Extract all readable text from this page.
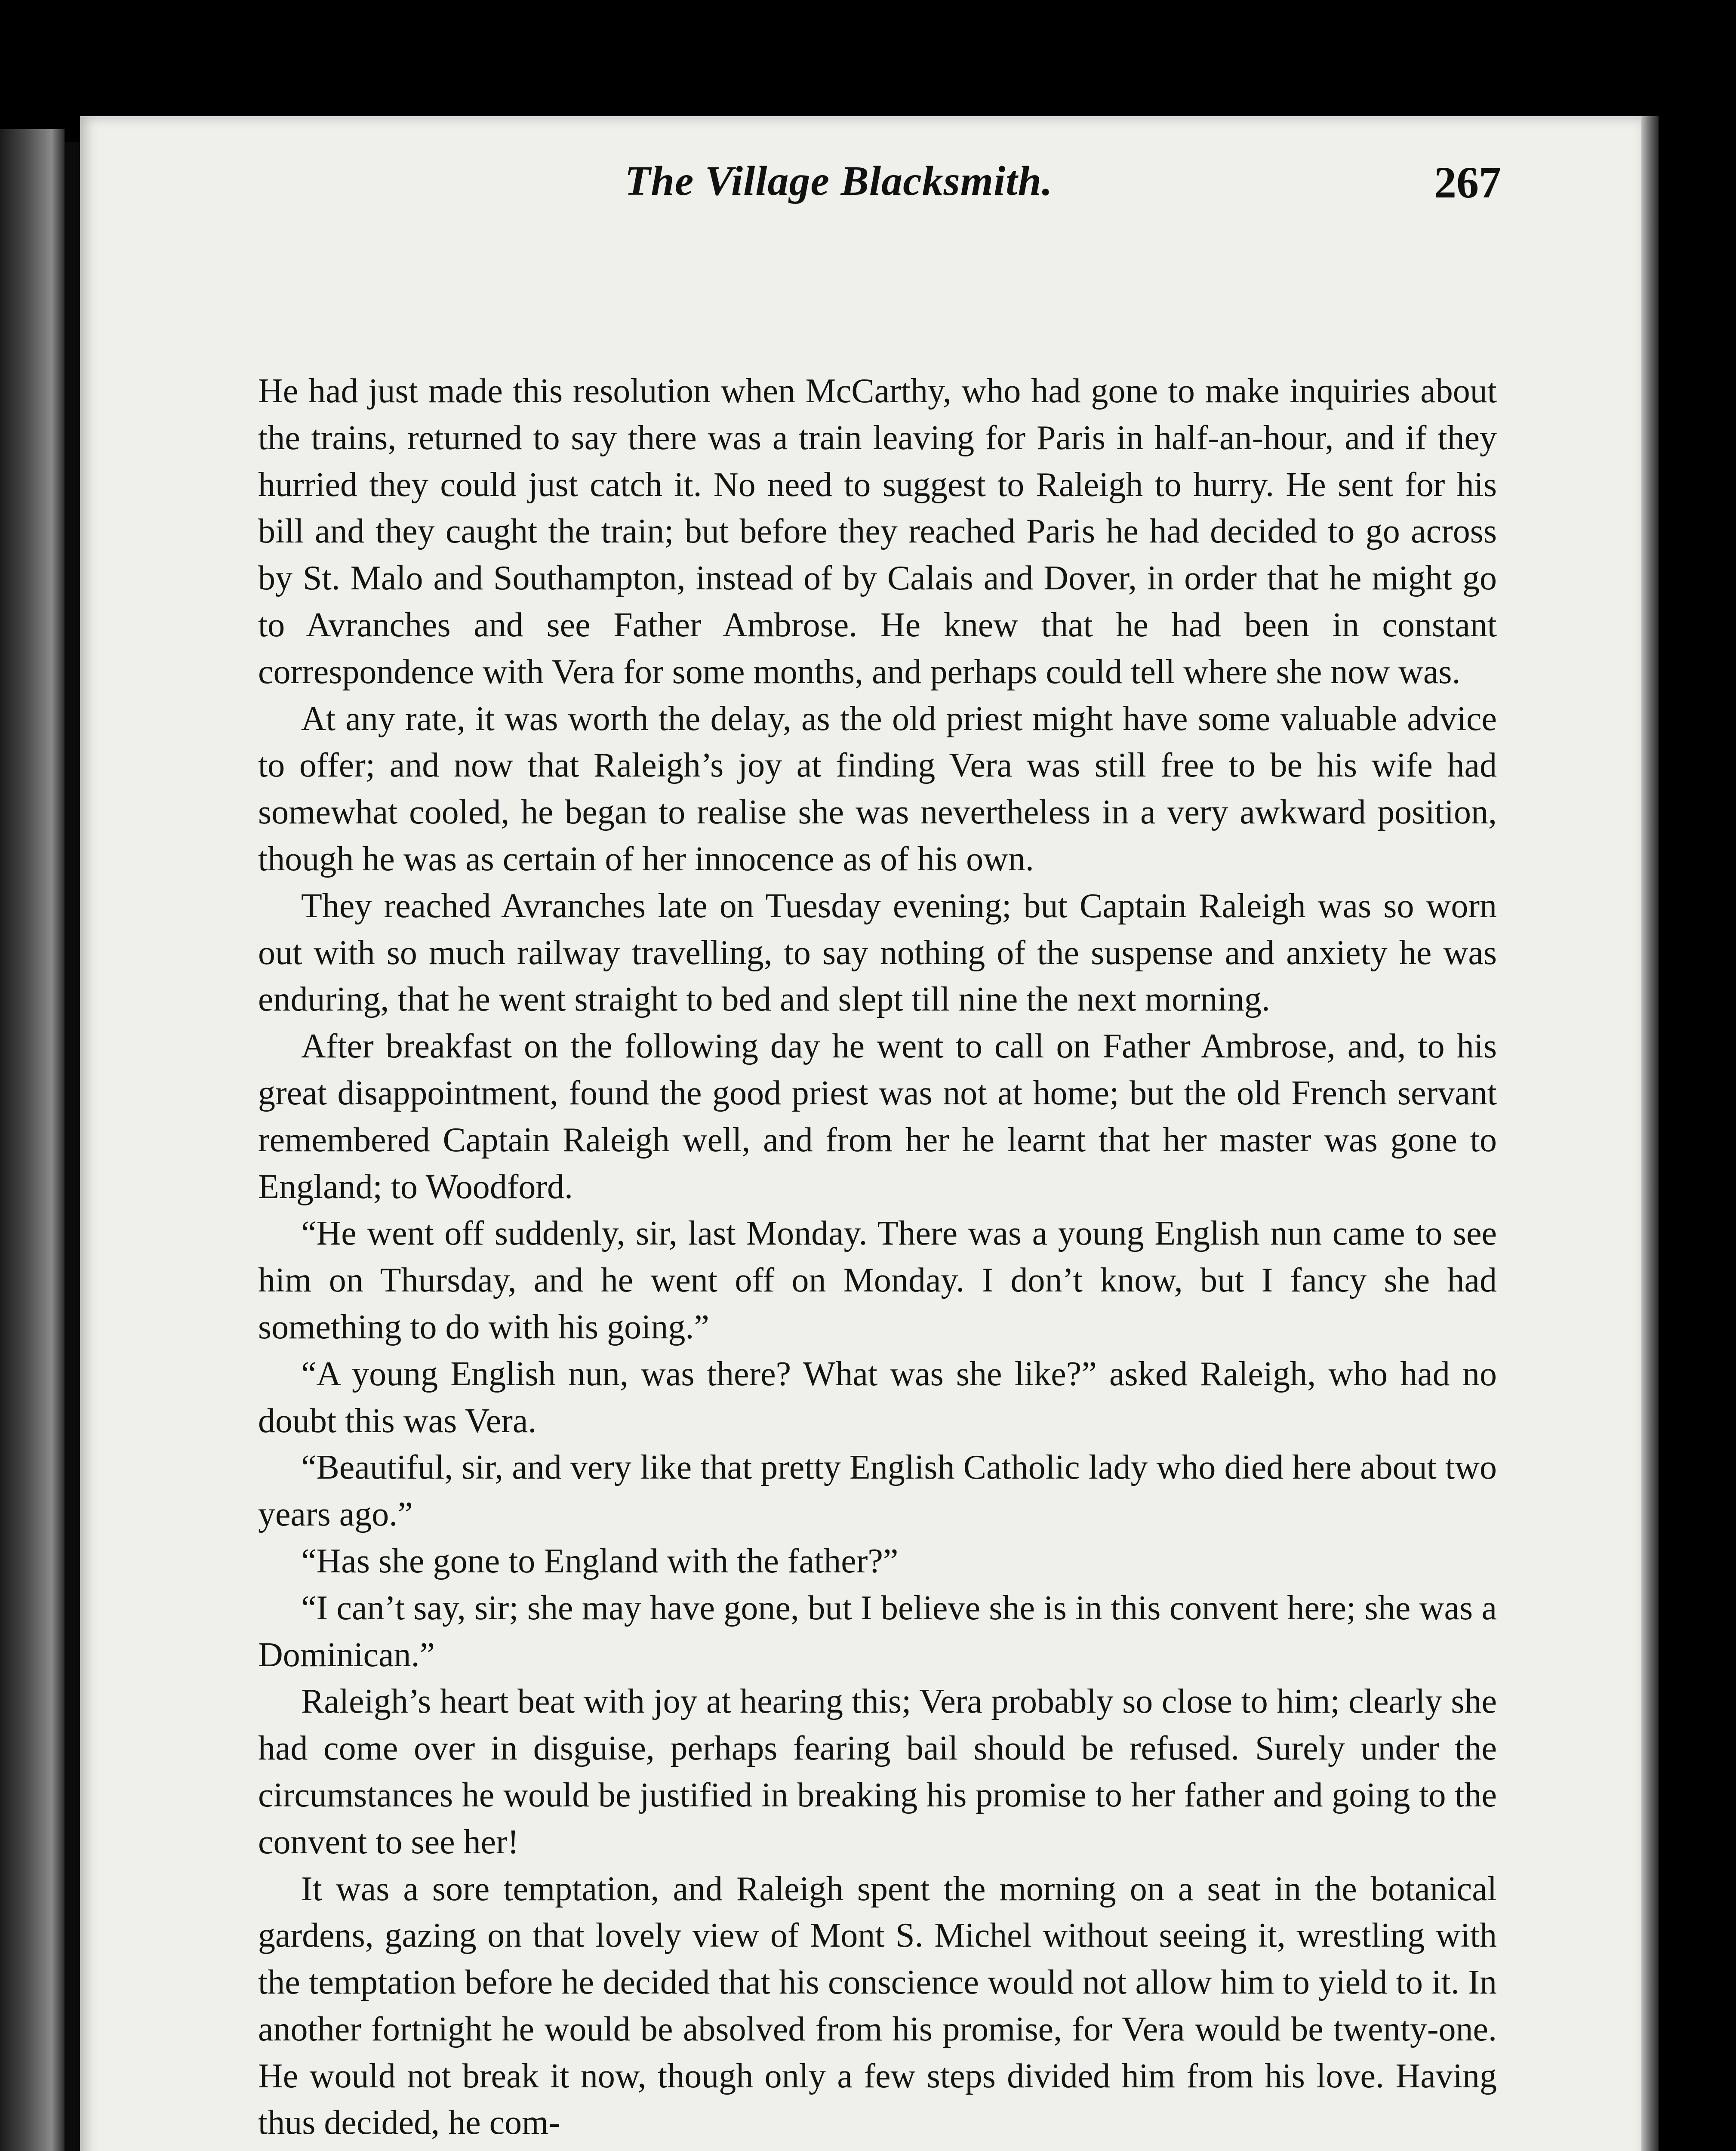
The Village Blacksmith.	267

He had just made this resolution when McCarthy, who had gone to make inquiries about the trains, returned to say there was a train leaving for Paris in half-an-hour, and if they hurried they could just catch it. No need to suggest to Raleigh to hurry. He sent for his bill and they caught the train; but before they reached Paris he had decided to go across by St. Malo and Southampton, instead of by Calais and Dover, in order that he might go to Avranches and see Father Ambrose. He knew that he had been in constant correspondence with Vera for some months, and perhaps could tell where she now was.

At any rate, it was worth the delay, as the old priest might have some valuable advice to offer; and now that Raleigh’s joy at finding Vera was still free to be his wife had somewhat cooled, he began to realise she was nevertheless in a very awkward position, though he was as certain of her innocence as of his own.

They reached Avranches late on Tuesday evening; but Captain Raleigh was so worn out with so much railway travelling, to say nothing of the suspense and anxiety he was enduring, that he went straight to bed and slept till nine the next morning.

After breakfast on the following day he went to call on Father Ambrose, and, to his great disappointment, found the good priest was not at home; but the old French servant remembered Captain Raleigh well, and from her he learnt that her master was gone to England; to Woodford.

“He went off suddenly, sir, last Monday. There was a young English nun came to see him on Thursday, and he went off on Monday. I don’t know, but I fancy she had something to do with his going.”

“A young English nun, was there? What was she like?” asked Raleigh, who had no doubt this was Vera.

“Beautiful, sir, and very like that pretty English Catholic lady who died here about two years ago.”

“Has she gone to England with the father?”

“I can’t say, sir; she may have gone, but I believe she is in this convent here; she was a Dominican.”

Raleigh’s heart beat with joy at hearing this; Vera probably so close to him; clearly she had come over in disguise, perhaps fearing bail should be refused. Surely under the circumstances he would be justified in breaking his promise to her father and going to the convent to see her!

It was a sore temptation, and Raleigh spent the morning on a seat in the botanical gardens, gazing on that lovely view of Mont S. Michel without seeing it, wrestling with the temptation before he decided that his conscience would not allow him to yield to it. In another fortnight he would be absolved from his promise, for Vera would be twenty-one. He would not break it now, though only a few steps divided him from his love. Having thus decided, he com-
